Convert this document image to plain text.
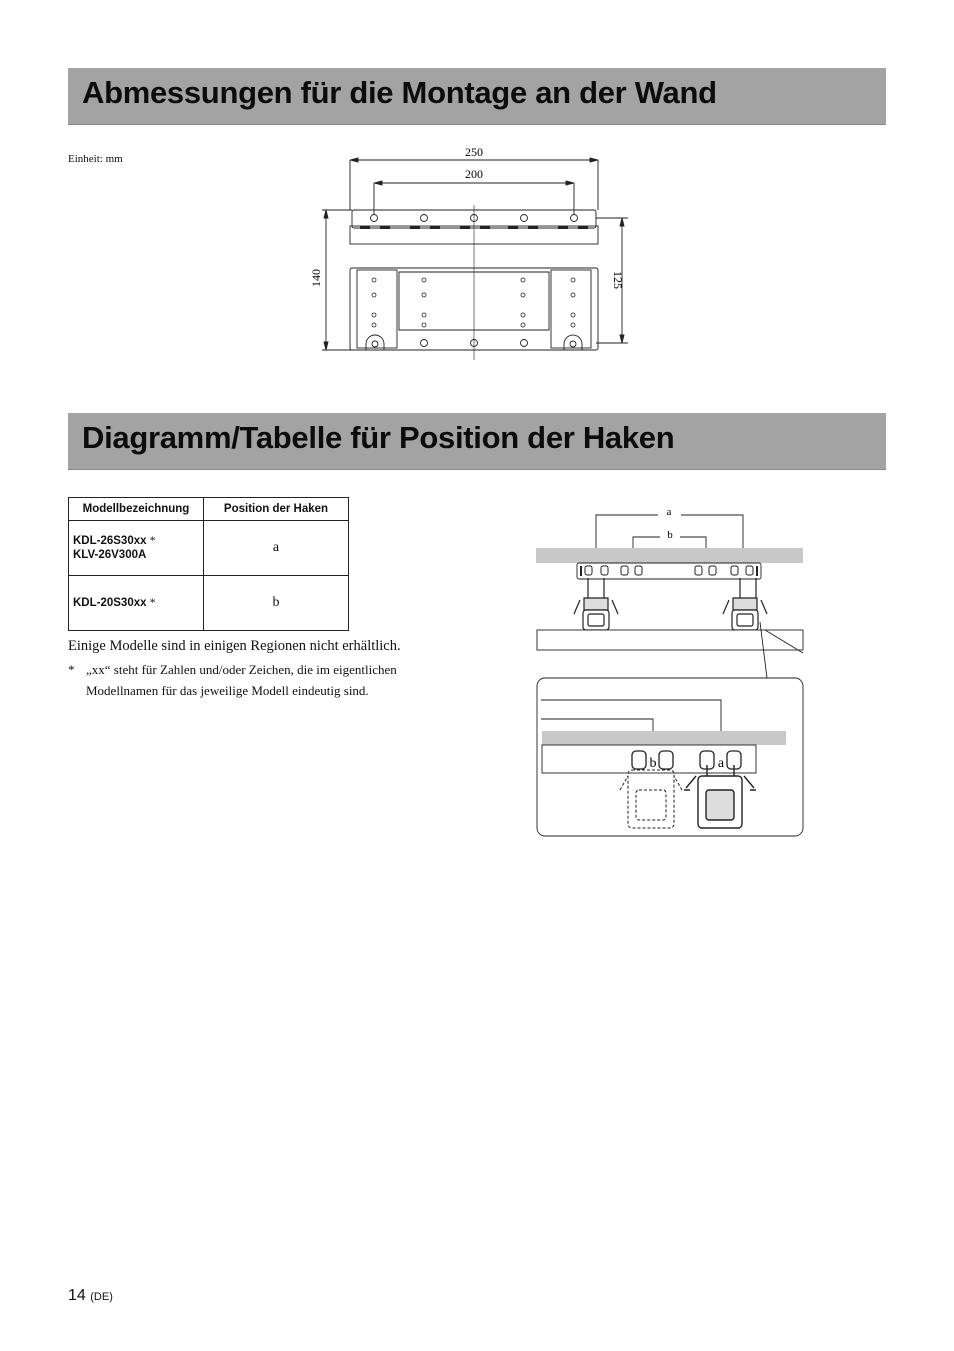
Abmessungen für die Montage an der Wand
Einheit: mm	250
200
140	125
Diagramm/Tabelle für Position der Haken
Modellbezeichnung	Position der Haken
KDL-26S30xx *
KLV-26V300A	a
KDL-20S30xx *	b
Einige Modelle sind in einigen Regionen nicht erhältlich.
* „xx“ steht für Zahlen und/oder Zeichen, die im eigentlichen Modellnamen für das jeweilige Modell eindeutig sind.
a
b
b	a
14 (DE)
